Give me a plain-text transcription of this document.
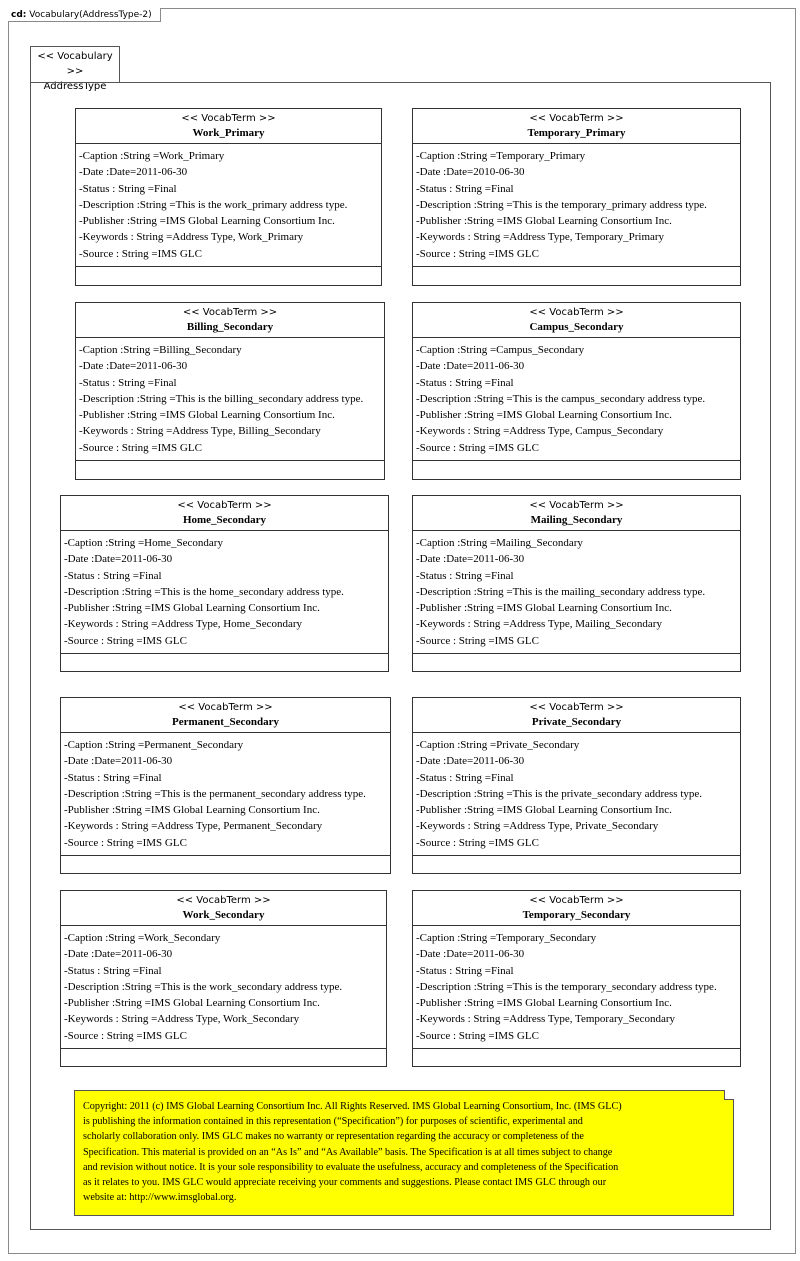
cd: Vocabulary(AddressType-2)
<< Vocabulary >>
AddressType
<< VocabTerm >>
Work_Primary
-Caption :String =Work_Primary
-Date :Date=2011-06-30
-Status : String =Final
-Description :String =This is the work_primary address type.
-Publisher :String =IMS Global Learning Consortium Inc.
-Keywords : String =Address Type, Work_Primary
-Source : String =IMS GLC
<< VocabTerm >>
Temporary_Primary
-Caption :String =Temporary_Primary
-Date :Date=2010-06-30
-Status : String =Final
-Description :String =This is the temporary_primary address type.
-Publisher :String =IMS Global Learning Consortium Inc.
-Keywords : String =Address Type, Temporary_Primary
-Source : String =IMS GLC
<< VocabTerm >>
Billing_Secondary
-Caption :String =Billing_Secondary
-Date :Date=2011-06-30
-Status : String =Final
-Description :String =This is the billing_secondary address type.
-Publisher :String =IMS Global Learning Consortium Inc.
-Keywords : String =Address Type, Billing_Secondary
-Source : String =IMS GLC
<< VocabTerm >>
Campus_Secondary
-Caption :String =Campus_Secondary
-Date :Date=2011-06-30
-Status : String =Final
-Description :String =This is the campus_secondary address type.
-Publisher :String =IMS Global Learning Consortium Inc.
-Keywords : String =Address Type, Campus_Secondary
-Source : String =IMS GLC
<< VocabTerm >>
Home_Secondary
-Caption :String =Home_Secondary
-Date :Date=2011-06-30
-Status : String =Final
-Description :String =This is the home_secondary address type.
-Publisher :String =IMS Global Learning Consortium Inc.
-Keywords : String =Address Type, Home_Secondary
-Source : String =IMS GLC
<< VocabTerm >>
Mailing_Secondary
-Caption :String =Mailing_Secondary
-Date :Date=2011-06-30
-Status : String =Final
-Description :String =This is the mailing_secondary address type.
-Publisher :String =IMS Global Learning Consortium Inc.
-Keywords : String =Address Type, Mailing_Secondary
-Source : String =IMS GLC
<< VocabTerm >>
Permanent_Secondary
-Caption :String =Permanent_Secondary
-Date :Date=2011-06-30
-Status : String =Final
-Description :String =This is the permanent_secondary address type.
-Publisher :String =IMS Global Learning Consortium Inc.
-Keywords : String =Address Type, Permanent_Secondary
-Source : String =IMS GLC
<< VocabTerm >>
Private_Secondary
-Caption :String =Private_Secondary
-Date :Date=2011-06-30
-Status : String =Final
-Description :String =This is the private_secondary address type.
-Publisher :String =IMS Global Learning Consortium Inc.
-Keywords : String =Address Type, Private_Secondary
-Source : String =IMS GLC
<< VocabTerm >>
Work_Secondary
-Caption :String =Work_Secondary
-Date :Date=2011-06-30
-Status : String =Final
-Description :String =This is the work_secondary address type.
-Publisher :String =IMS Global Learning Consortium Inc.
-Keywords : String =Address Type, Work_Secondary
-Source : String =IMS GLC
<< VocabTerm >>
Temporary_Secondary
-Caption :String =Temporary_Secondary
-Date :Date=2011-06-30
-Status : String =Final
-Description :String =This is the temporary_secondary address type.
-Publisher :String =IMS Global Learning Consortium Inc.
-Keywords : String =Address Type, Temporary_Secondary
-Source : String =IMS GLC
Copyright: 2011 (c) IMS Global Learning Consortium Inc. All Rights Reserved. IMS Global Learning Consortium, Inc. (IMS GLC)
is publishing the information contained in this representation (“Specification”) for purposes of scientific, experimental and
scholarly collaboration only. IMS GLC makes no warranty or representation regarding the accuracy or completeness of the
Specification. This material is provided on an “As Is” and “As Available” basis. The Specification is at all times subject to change
and revision without notice. It is your sole responsibility to evaluate the usefulness, accuracy and completeness of the Specification
as it relates to you. IMS GLC would appreciate receiving your comments and suggestions. Please contact IMS GLC through our
website at: http://www.imsglobal.org.
